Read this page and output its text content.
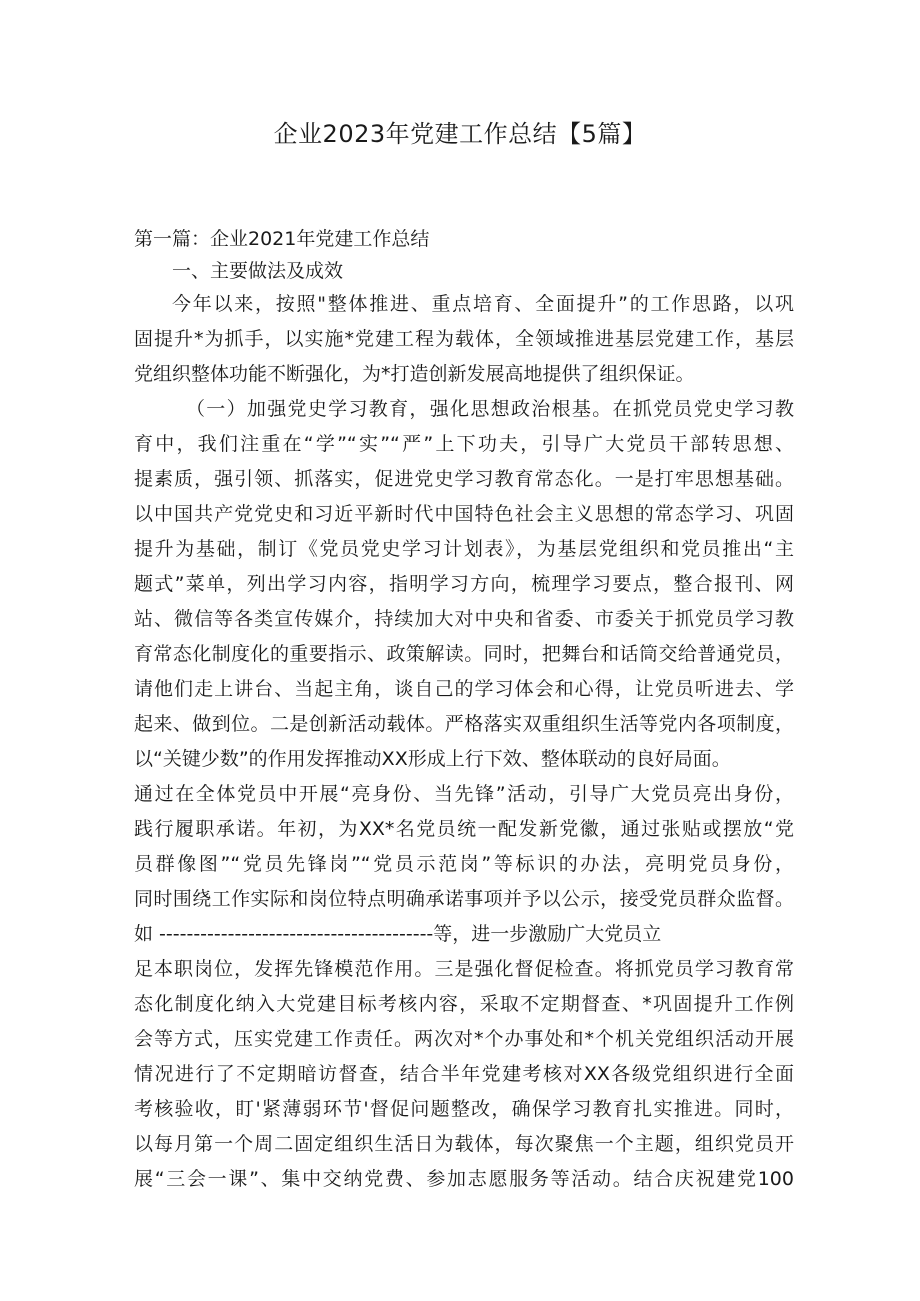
企业2023年党建工作总结【5篇】
第一篇：企业2021年党建工作总结
一、主要做法及成效
今年以来，按照"整体推进、重点培育、全面提升”的工作思路，以巩
固提升*为抓手，以实施*党建工程为载体，全领域推进基层党建工作，基层
党组织整体功能不断强化，为*打造创新发展高地提供了组织保证。
（一）加强党史学习教育，强化思想政治根基。在抓党员党史学习教
育中，我们注重在“学”“实”“严”上下功夫，引导广大党员干部转思想、
提素质，强引领、抓落实，促进党史学习教育常态化。一是打牢思想基础。
以中国共产党党史和习近平新时代中国特色社会主义思想的常态学习、巩固
提升为基础，制订《党员党史学习计划表》，为基层党组织和党员推出“主
题式”菜单，列出学习内容，指明学习方向，梳理学习要点，整合报刊、网
站、微信等各类宣传媒介，持续加大对中央和省委、市委关于抓党员学习教
育常态化制度化的重要指示、政策解读。同时，把舞台和话筒交给普通党员，
请他们走上讲台、当起主角，谈自己的学习体会和心得，让党员听进去、学
起来、做到位。二是创新活动载体。严格落实双重组织生活等党内各项制度，
以“关键少数”的作用发挥推动XX形成上行下效、整体联动的良好局面。
通过在全体党员中开展“亮身份、当先锋”活动，引导广大党员亮出身份，
践行履职承诺。年初，为XX*名党员统一配发新党徽，通过张贴或摆放“党
员群像图”“党员先锋岗”“党员示范岗”等标识的办法，亮明党员身份，
同时围绕工作实际和岗位特点明确承诺事项并予以公示，接受党员群众监督。
如 ----------------------------------------等，进一步激励广大党员立
足本职岗位，发挥先锋模范作用。三是强化督促检查。将抓党员学习教育常
态化制度化纳入大党建目标考核内容，采取不定期督查、*巩固提升工作例
会等方式，压实党建工作责任。两次对*个办事处和*个机关党组织活动开展
情况进行了不定期暗访督查，结合半年党建考核对XX各级党组织进行全面
考核验收，盯'紧薄弱环节'督促问题整改，确保学习教育扎实推进。同时，
以每月第一个周二固定组织生活日为载体，每次聚焦一个主题，组织党员开
展“三会一课”、集中交纳党费、参加志愿服务等活动。结合庆祝建党100
